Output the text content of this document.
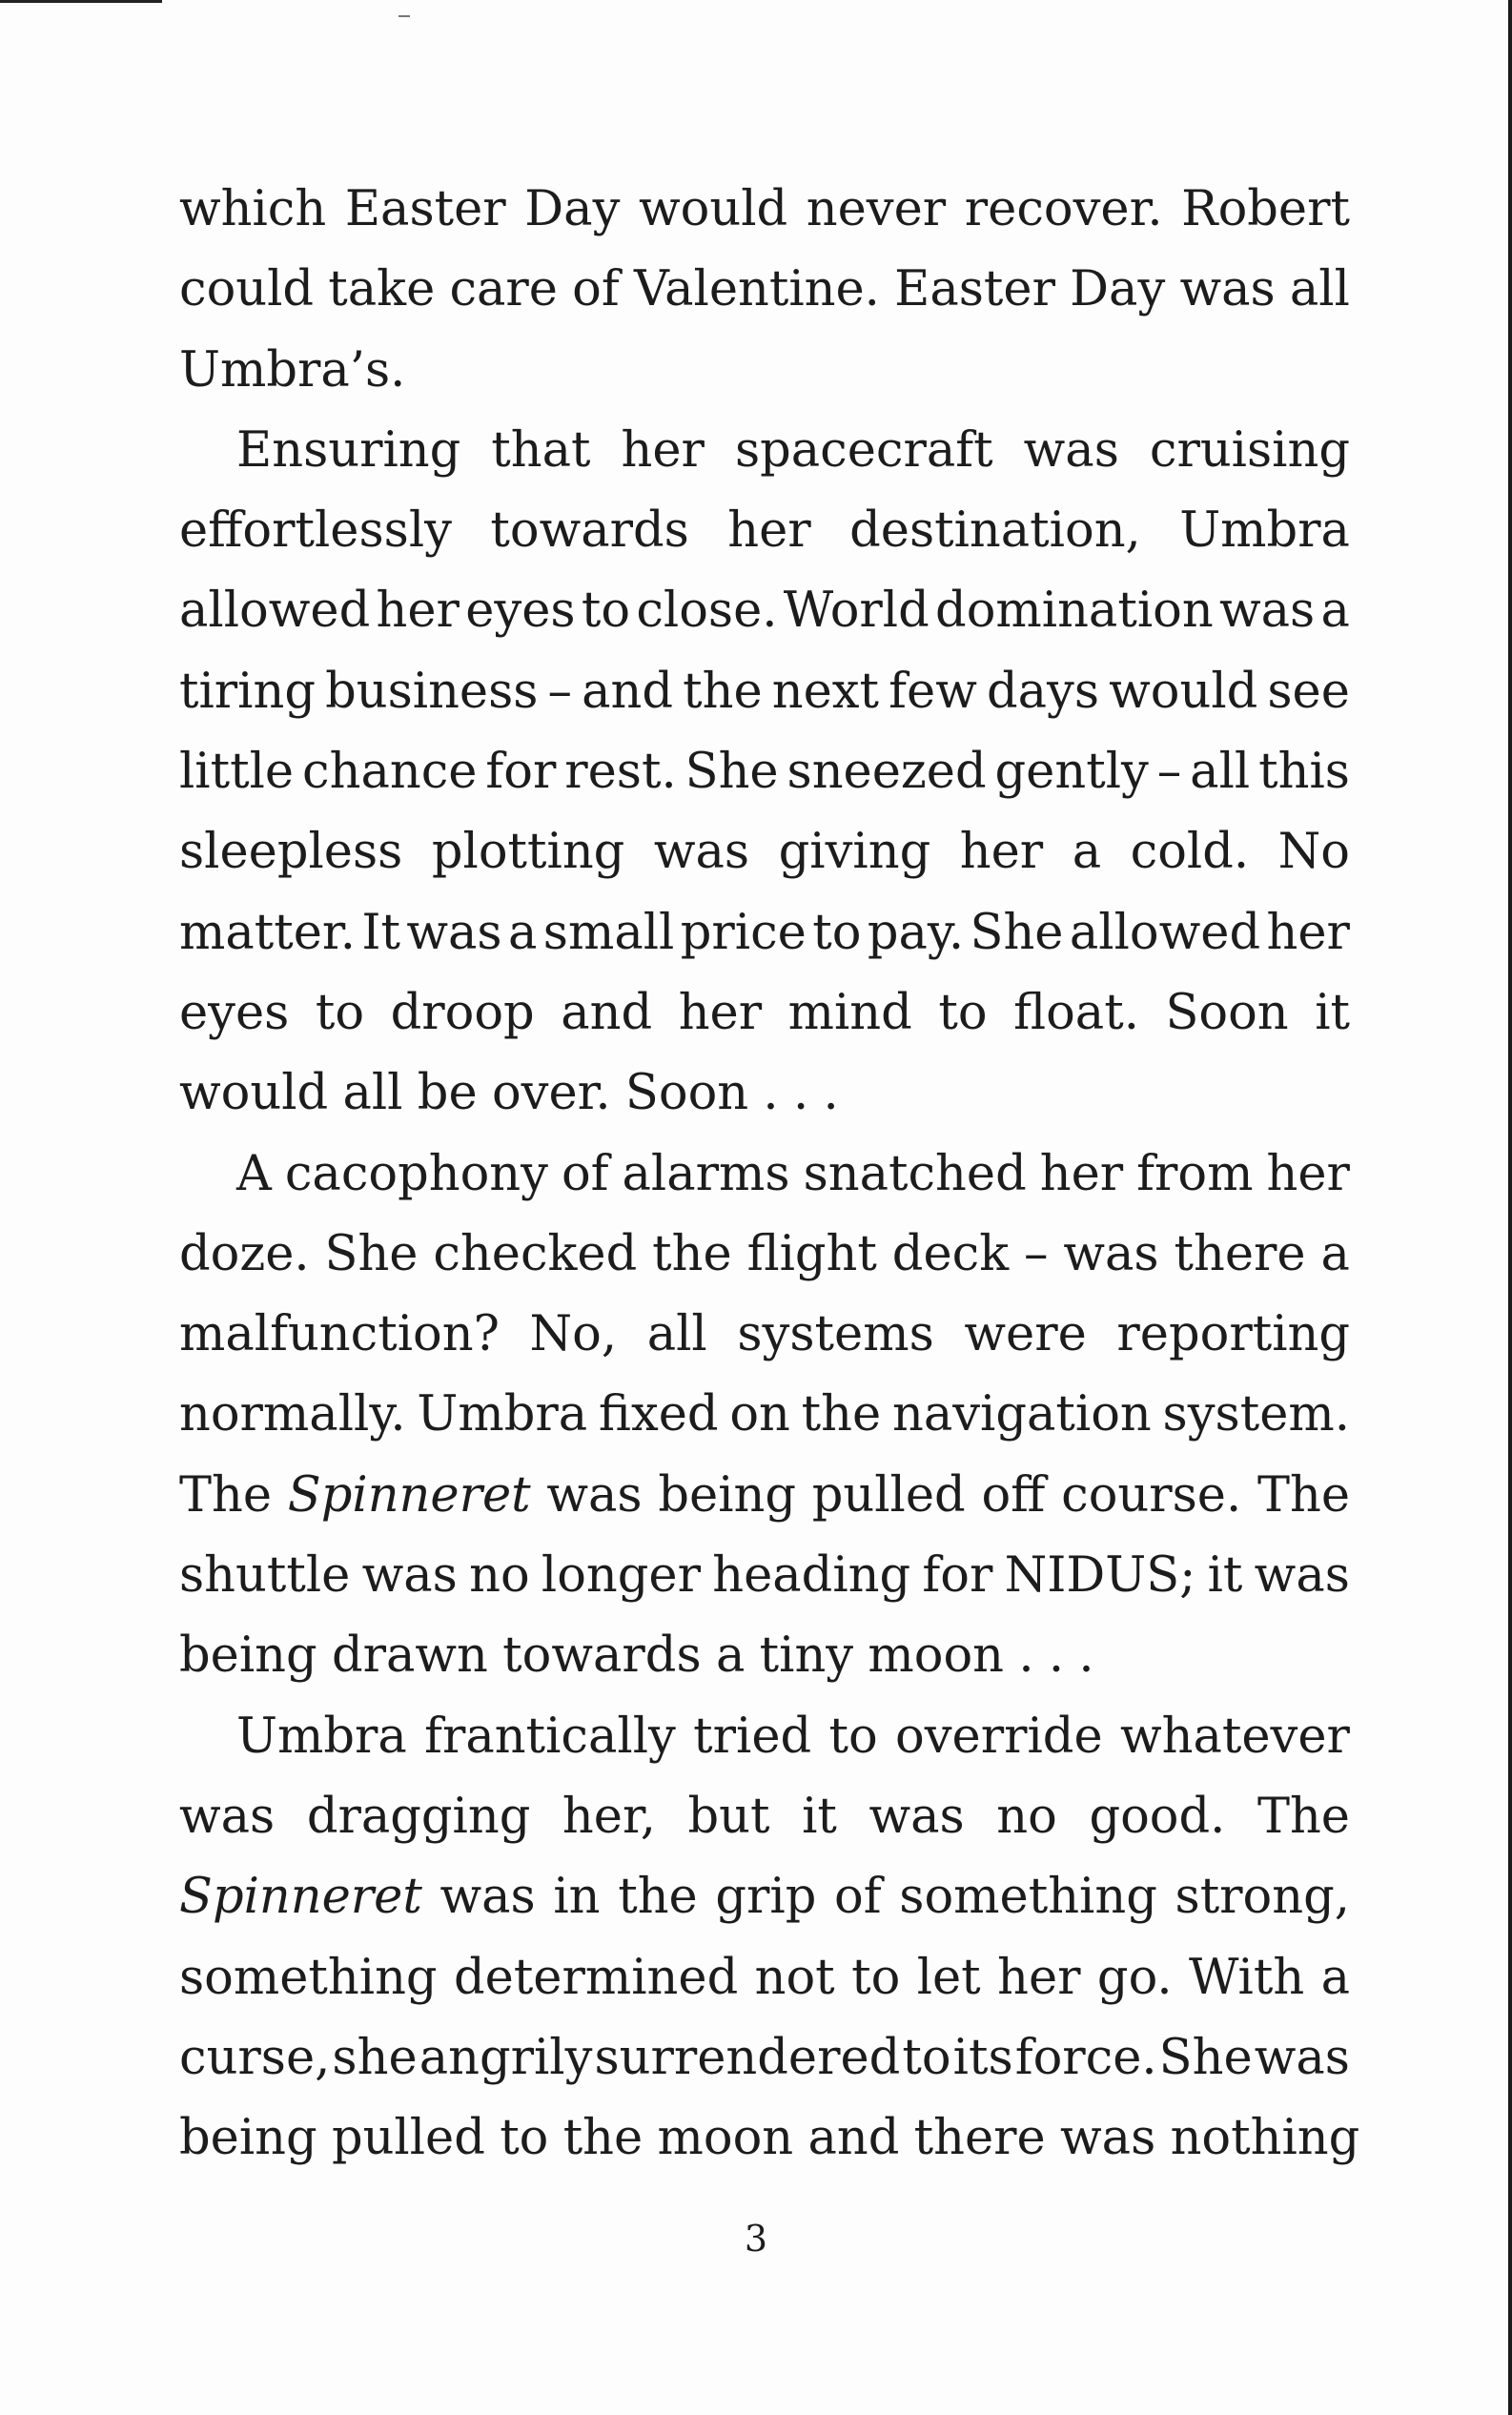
which Easter Day would never recover. Robert
could take care of Valentine. Easter Day was all
Umbra’s.
Ensuring that her spacecraft was cruising
effortlessly towards her destination, Umbra
allowed her eyes to close. World domination was a
tiring business – and the next few days would see
little chance for rest. She sneezed gently – all this
sleepless plotting was giving her a cold. No
matter. It was a small price to pay. She allowed her
eyes to droop and her mind to float. Soon it
would all be over. Soon . . .
A cacophony of alarms snatched her from her
doze. She checked the flight deck – was there a
malfunction? No, all systems were reporting
normally. Umbra fixed on the navigation system.
The Spinneret was being pulled off course. The
shuttle was no longer heading for NIDUS; it was
being drawn towards a tiny moon . . .
Umbra frantically tried to override whatever
was dragging her, but it was no good. The
Spinneret was in the grip of something strong,
something determined not to let her go. With a
curse, she angrily surrendered to its force. She was
being pulled to the moon and there was nothing
3
